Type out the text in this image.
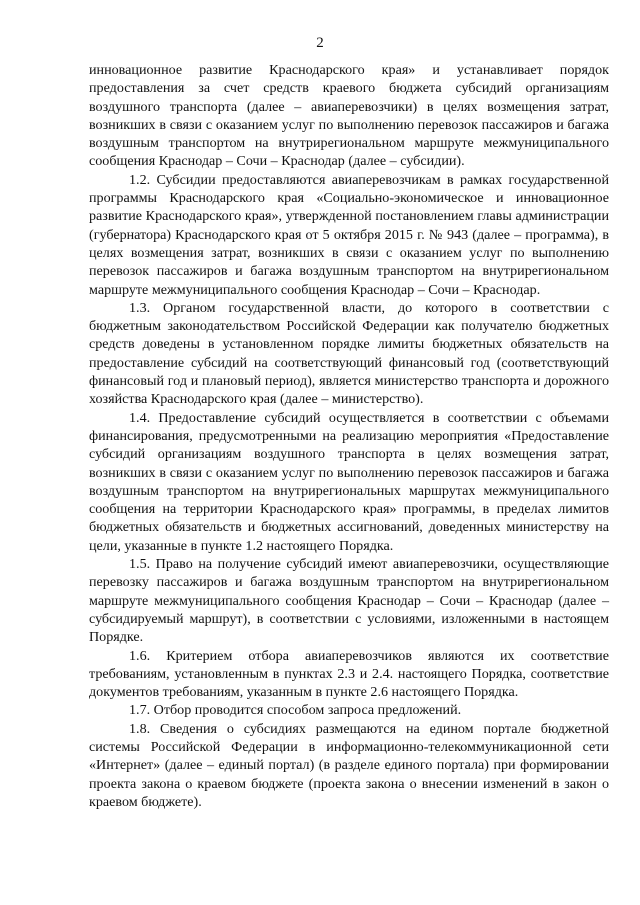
2

инновационное развитие Краснодарского края» и устанавливает порядок предоставления за счет средств краевого бюджета субсидий организациям воздушного транспорта (далее – авиаперевозчики) в целях возмещения затрат, возникших в связи с оказанием услуг по выполнению перевозок пассажиров и багажа воздушным транспортом на внутрирегиональном маршруте межмуниципального сообщения Краснодар – Сочи – Краснодар (далее – субсидии).

1.2. Субсидии предоставляются авиаперевозчикам в рамках государственной программы Краснодарского края «Социально-экономическое и инновационное развитие Краснодарского края», утвержденной постановлением главы администрации (губернатора) Краснодарского края от 5 октября 2015 г. № 943 (далее – программа), в целях возмещения затрат, возникших в связи с оказанием услуг по выполнению перевозок пассажиров и багажа воздушным транспортом на внутрирегиональном маршруте межмуниципального сообщения Краснодар – Сочи – Краснодар.

1.3. Органом государственной власти, до которого в соответствии с бюджетным законодательством Российской Федерации как получателю бюджетных средств доведены в установленном порядке лимиты бюджетных обязательств на предоставление субсидий на соответствующий финансовый год (соответствующий финансовый год и плановый период), является министерство транспорта и дорожного хозяйства Краснодарского края (далее – министерство).

1.4. Предоставление субсидий осуществляется в соответствии с объемами финансирования, предусмотренными на реализацию мероприятия «Предоставление субсидий организациям воздушного транспорта в целях возмещения затрат, возникших в связи с оказанием услуг по выполнению перевозок пассажиров и багажа воздушным транспортом на внутрирегиональных маршрутах межмуниципального сообщения на территории Краснодарского края» программы, в пределах лимитов бюджетных обязательств и бюджетных ассигнований, доведенных министерству на цели, указанные в пункте 1.2 настоящего Порядка.

1.5. Право на получение субсидий имеют авиаперевозчики, осуществляющие перевозку пассажиров и багажа воздушным транспортом на внутрирегиональном маршруте межмуниципального сообщения Краснодар – Сочи – Краснодар (далее – субсидируемый маршрут), в соответствии с условиями, изложенными в настоящем Порядке.

1.6. Критерием отбора авиаперевозчиков являются их соответствие требованиям, установленным в пунктах 2.3 и 2.4. настоящего Порядка, соответствие документов требованиям, указанным в пункте 2.6 настоящего Порядка.

1.7. Отбор проводится способом запроса предложений.

1.8. Сведения о субсидиях размещаются на едином портале бюджетной системы Российской Федерации в информационно-телекоммуникационной сети «Интернет» (далее – единый портал) (в разделе единого портала) при формировании проекта закона о краевом бюджете (проекта закона о внесении изменений в закон о краевом бюджете).
